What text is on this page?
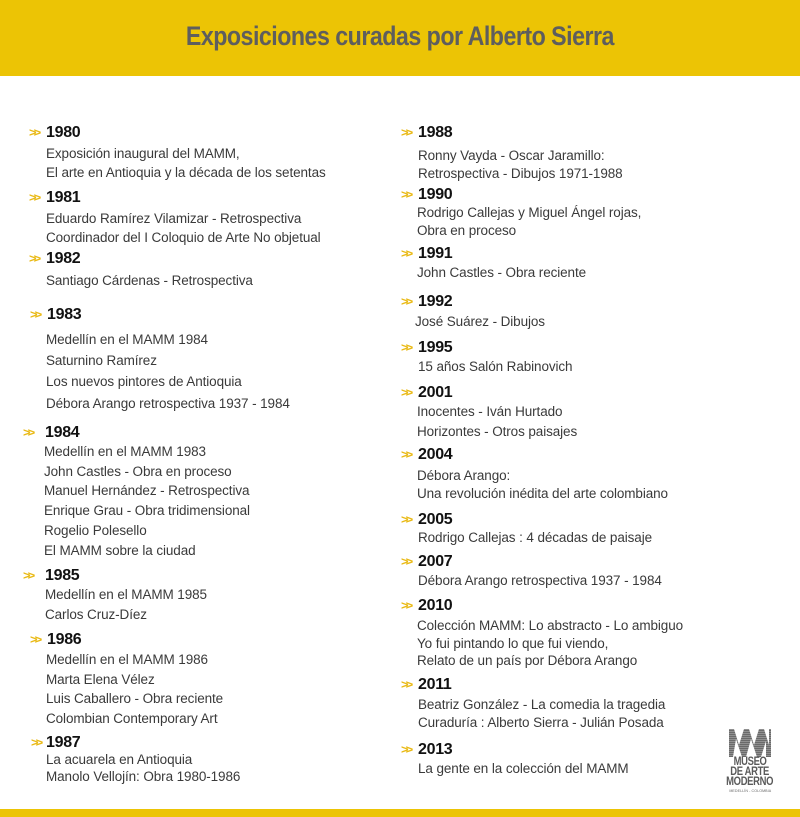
Exposiciones curadas por Alberto Sierra
>> 1980
Exposición inaugural del MAMM,
El arte en Antioquia y la década de los setentas
>> 1981
Eduardo Ramírez Vilamizar - Retrospectiva
Coordinador del I Coloquio de Arte No objetual
>> 1982
Santiago Cárdenas - Retrospectiva
>> 1983
Medellín en el MAMM 1984
Saturnino Ramírez
Los nuevos pintores de Antioquia
Débora Arango retrospectiva 1937 - 1984
>> 1984
Medellín en el MAMM 1983
John Castles - Obra en proceso
Manuel Hernández - Retrospectiva
Enrique Grau - Obra tridimensional
Rogelio Polesello
El MAMM sobre la ciudad
>> 1985
Medellín en el MAMM 1985
Carlos Cruz-Díez
>> 1986
Medellín en el MAMM 1986
Marta Elena Vélez
Luis Caballero - Obra reciente
Colombian Contemporary Art
>> 1987
La acuarela en Antioquia
Manolo Vellojín: Obra 1980-1986
>> 1988
Ronny Vayda - Oscar Jaramillo:
Retrospectiva - Dibujos 1971-1988
>> 1990
Rodrigo Callejas y Miguel Ángel rojas,
Obra en proceso
>> 1991
John Castles - Obra reciente
>> 1992
José Suárez - Dibujos
>> 1995
15 años Salón Rabinovich
>> 2001
Inocentes - Iván Hurtado
Horizontes - Otros paisajes
>> 2004
Débora Arango:
Una revolución inédita del arte colombiano
>> 2005
Rodrigo Callejas : 4 décadas de paisaje
>> 2007
Débora Arango retrospectiva 1937 - 1984
>> 2010
Colección MAMM: Lo abstracto - Lo ambiguo
Yo fui pintando lo que fui viendo,
Relato de un país por Débora Arango
>> 2011
Beatriz González - La comedia la tragedia
Curaduría : Alberto Sierra - Julián Posada
>> 2013
La gente en la colección del MAMM	MUSEO
DE ARTE
MODERNO
MEDELLÍN - COLOMBIA
